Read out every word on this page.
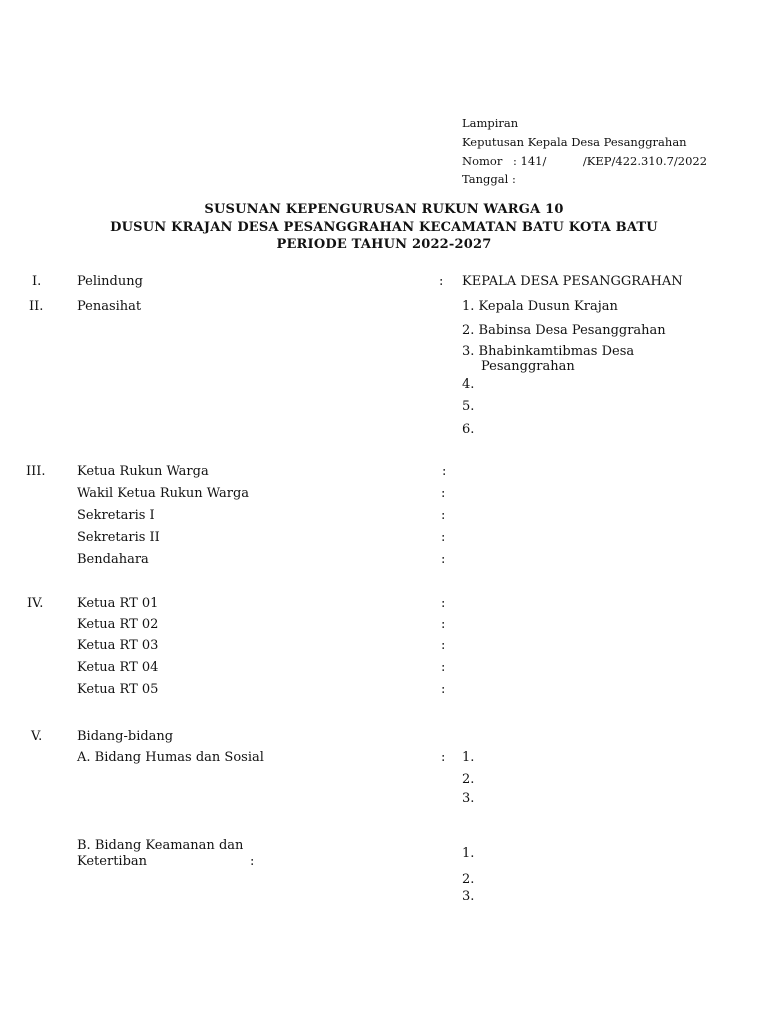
Lampiran
Keputusan Kepala Desa Pesanggrahan
Nomor : 141/          /KEP/422.310.7/2022
Tanggal :
SUSUNAN KEPENGURUSAN RUKUN WARGA 10
DUSUN KRAJAN DESA PESANGGRAHAN KECAMATAN BATU KOTA BATU
PERIODE TAHUN 2022-2027
I.	Pelindung	: KEPALA DESA PESANGGRAHAN
II.	Penasihat	1. Kepala Dusun Krajan
2. Babinsa Desa Pesanggrahan
3. Bhabinkamtibmas Desa
Pesanggrahan
4.
5.
6.
III. Ketua Rukun Warga	:
Wakil Ketua Rukun Warga	:
Sekretaris I	:
Sekretaris II	:
Bendahara	:
IV.	Ketua RT 01	:
Ketua RT 02	:
Ketua RT 03	:
Ketua RT 04	:
Ketua RT 05	:
V.	Bidang-bidang
A. Bidang Humas dan Sosial	: 1.
2.
3.
B. Bidang Keamanan dan
Ketertiban	:
1.
2.
3.
